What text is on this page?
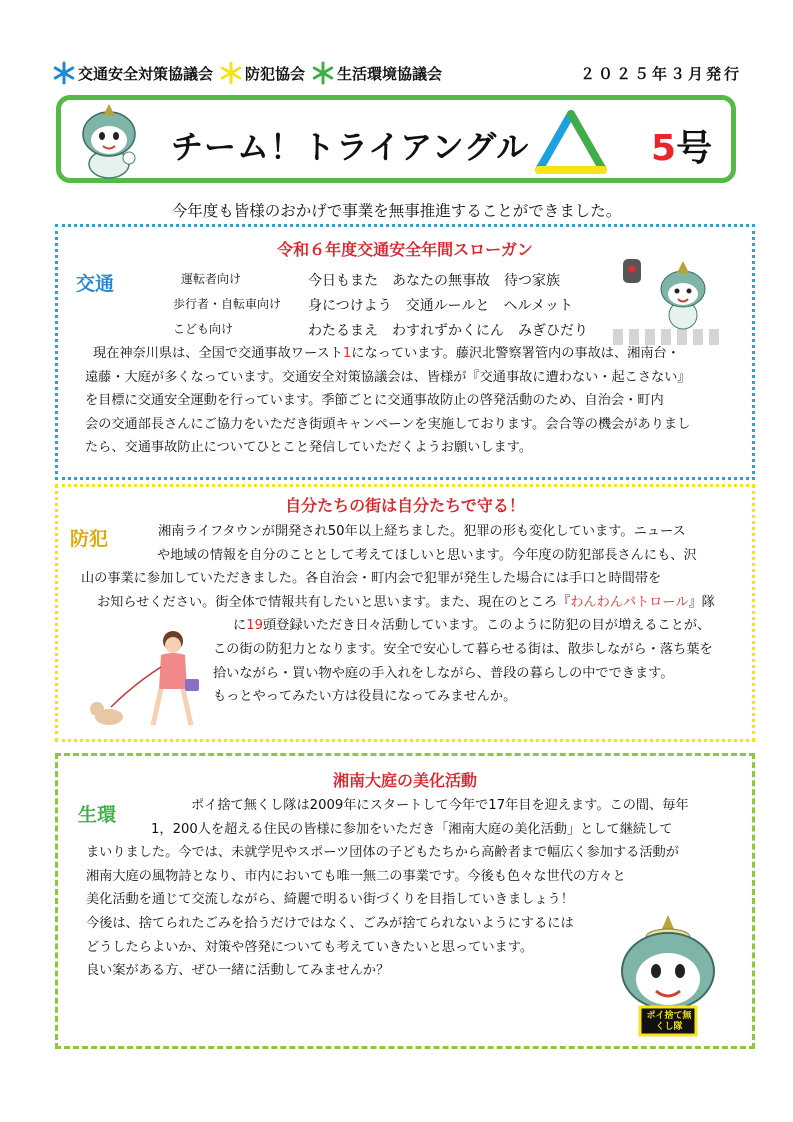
交通安全対策協議会 防犯協会 生活環境協議会	２０２５年３月発行
チーム！トライアングル	5号
今年度も皆様のおかげで事業を無事推進することができました。
令和６年度交通安全年間スローガン
交通	運転者向け	今日もまた　あなたの無事故　待つ家族
歩行者・自転車向け	身につけよう　交通ルールと　ヘルメット
こども向け	わたるまえ　わすれずかくにん　みぎひだり
現在神奈川県は、全国で交通事故ワースト1になっています。藤沢北警察署管内の事故は、湘南台・
遠藤・大庭が多くなっています。交通安全対策協議会は、皆様が『交通事故に遭わない・起こさない』
を目標に交通安全運動を行っています。季節ごとに交通事故防止の啓発活動のため、自治会・町内
会の交通部長さんにご協力をいただき街頭キャンペーンを実施しております。会合等の機会がありまし
たら、交通事故防止についてひとこと発信していただくようお願いします。
自分たちの街は自分たちで守る！
防犯	湘南ライフタウンが開発され50年以上経ちました。犯罪の形も変化しています。ニュース
や地域の情報を自分のこととして考えてほしいと思います。今年度の防犯部長さんにも、沢
山の事業に参加していただきました。各自治会・町内会で犯罪が発生した場合には手口と時間帯を
お知らせください。街全体で情報共有したいと思います。また、現在のところ『わんわんパトロール』隊
に19頭登録いただき日々活動しています。このように防犯の目が増えることが、
この街の防犯力となります。安全で安心して暮らせる街は、散歩しながら・落ち葉を
拾いながら・買い物や庭の手入れをしながら、普段の暮らしの中でできます。
もっとやってみたい方は役員になってみませんか。
湘南大庭の美化活動
生環
ポイ捨て無くし隊
ポイ捨て無くし隊は2009年にスタートして今年で17年目を迎えます。この間、毎年
1，200人を超える住民の皆様に参加をいただき「湘南大庭の美化活動」として継続して
まいりました。今では、未就学児やスポーツ団体の子どもたちから高齢者まで幅広く参加する活動が
湘南大庭の風物詩となり、市内においても唯一無二の事業です。今後も色々な世代の方々と
美化活動を通じて交流しながら、綺麗で明るい街づくりを目指していきましょう！
今後は、捨てられたごみを拾うだけではなく、ごみが捨てられないようにするには
どうしたらよいか、対策や啓発についても考えていきたいと思っています。
良い案がある方、ぜひ一緒に活動してみませんか？
